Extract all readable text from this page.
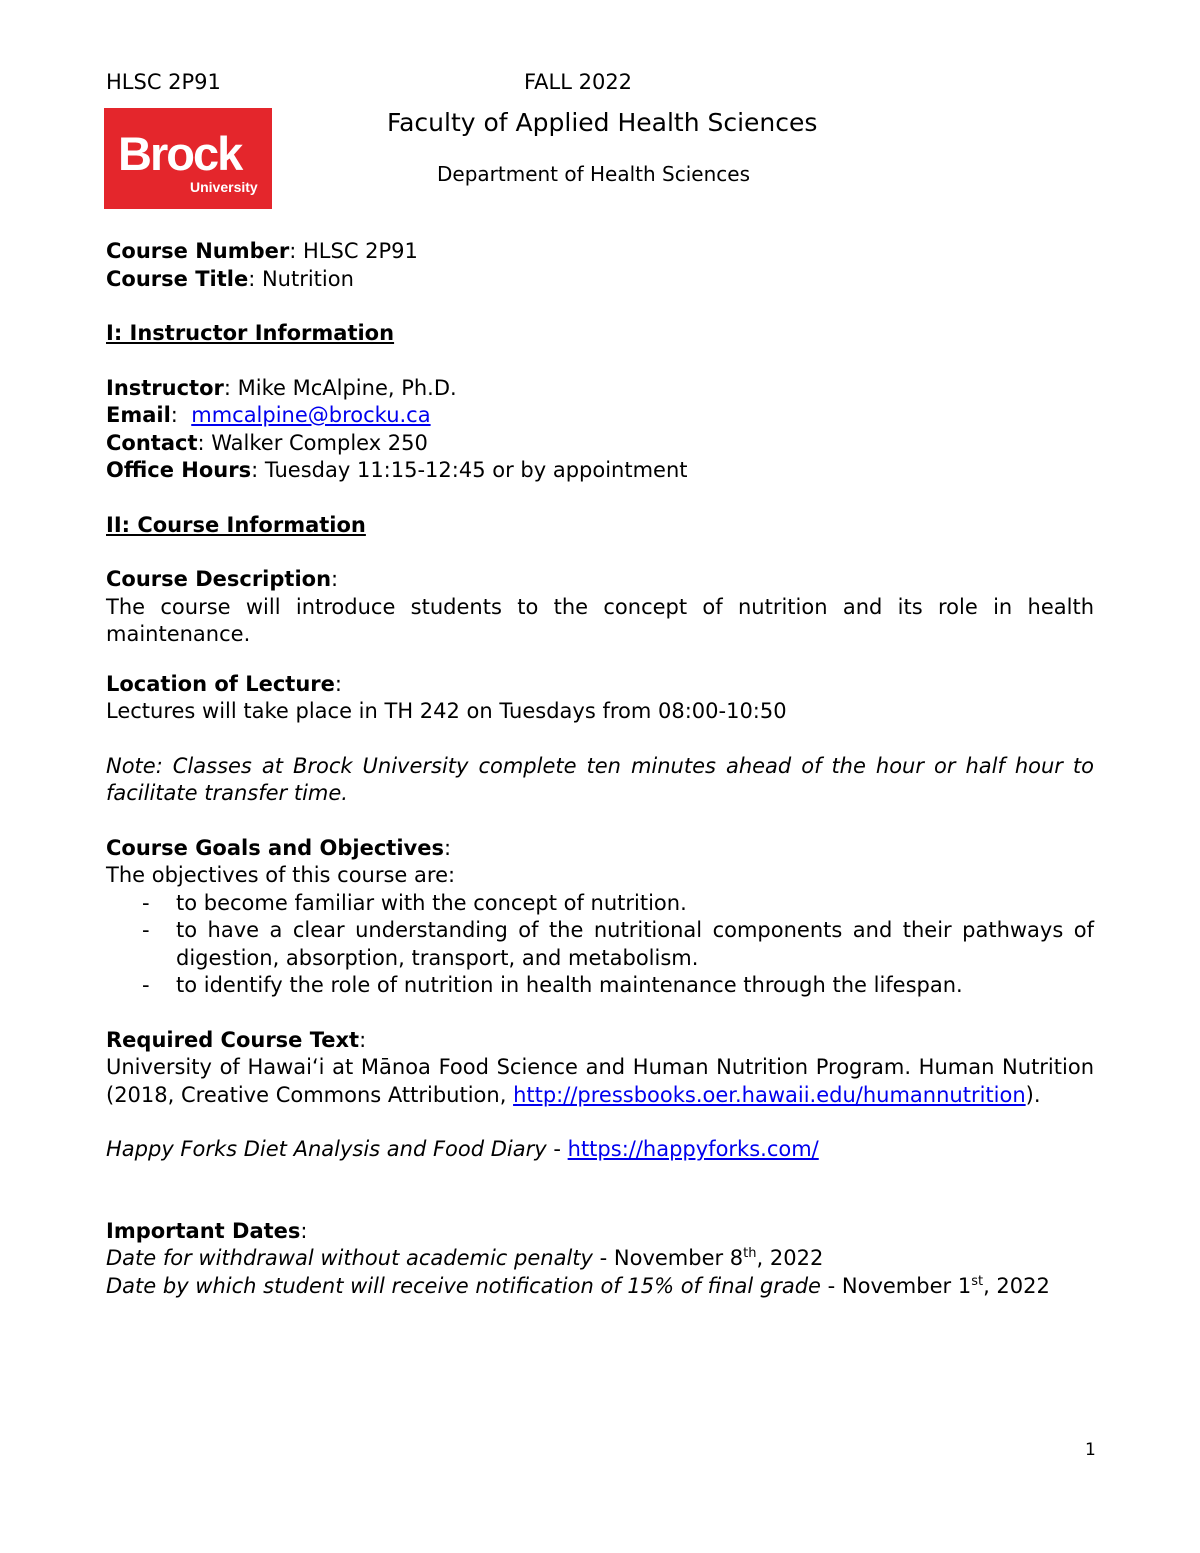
HLSC 2P91	FALL 2022
Brock
University
Faculty of Applied Health Sciences
Department of Health Sciences

Course Number: HLSC 2P91

Course Title: Nutrition

I: Instructor Information

Instructor: Mike McAlpine, Ph.D.

Email:  mmcalpine@brocku.ca

Contact: Walker Complex 250

Office Hours: Tuesday 11:15-12:45 or by appointment

II: Course Information

Course Description:

The course will introduce students to the concept of nutrition and its role in health maintenance.

Location of Lecture:

Lectures will take place in TH 242 on Tuesdays from 08:00-10:50

Note: Classes at Brock University complete ten minutes ahead of the hour or half hour to facilitate transfer time.

Course Goals and Objectives:

The objectives of this course are:

- to become familiar with the concept of nutrition.
- to have a clear understanding of the nutritional components and their pathways of digestion, absorption, transport, and metabolism.
- to identify the role of nutrition in health maintenance through the lifespan.

Required Course Text:

University of Hawaiʻi at Mānoa Food Science and Human Nutrition Program. Human Nutrition (2018, Creative Commons Attribution, http://pressbooks.oer.hawaii.edu/humannutrition).

Happy Forks Diet Analysis and Food Diary - https://happyforks.com/

Important Dates:

Date for withdrawal without academic penalty - November 8th, 2022

Date by which student will receive notification of 15% of final grade - November 1st, 2022

1
